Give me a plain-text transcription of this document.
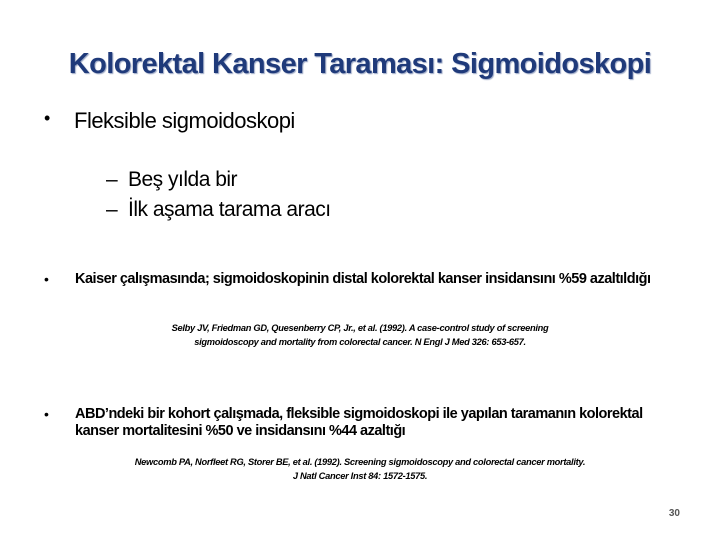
Kolorektal Kanser Taraması: Sigmoidoskopi
• Fleksible sigmoidoskopi
– Beş yılda bir
– İlk aşama tarama aracı
• Kaiser çalışmasında; sigmoidoskopinin distal kolorektal kanser insidansını %59 azaltıldığı
Selby JV, Friedman GD, Quesenberry CP, Jr., et al. (1992). A case-control study of screening
sigmoidoscopy and mortality from colorectal cancer. N Engl J Med 326: 653-657.
• ABD’ndeki bir kohort çalışmada, fleksible sigmoidoskopi ile yapılan taramanın kolorektal kanser mortalitesini %50 ve insidansını %44 azaltığı
Newcomb PA, Norfleet RG, Storer BE, et al. (1992). Screening sigmoidoscopy and colorectal cancer mortality.
J Natl Cancer Inst 84: 1572-1575.
30
